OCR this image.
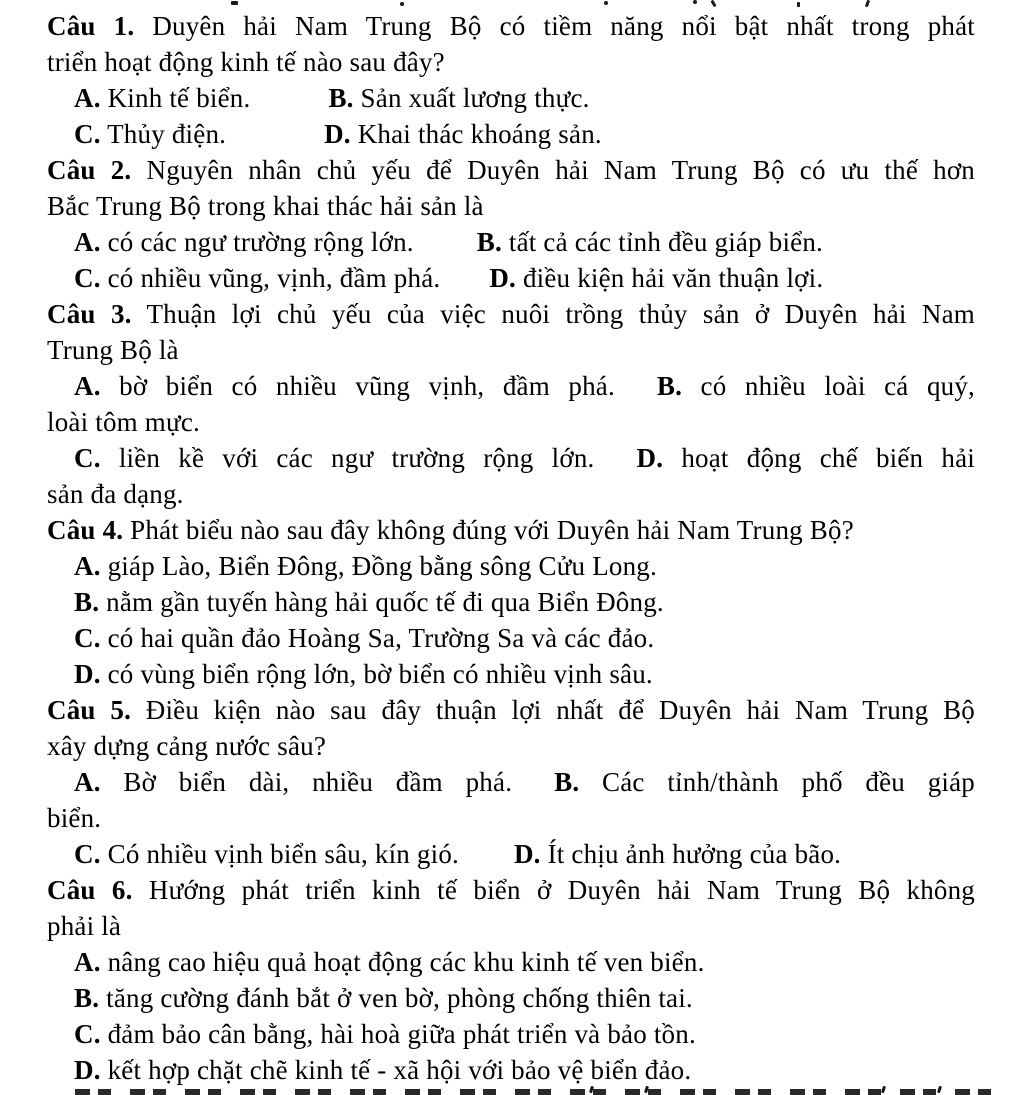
Câu 1. Duyên hải Nam Trung Bộ có tiềm năng nổi bật nhất trong phát
triển hoạt động kinh tế nào sau đây?
A. Kinh tế biển.	B. Sản xuất lương thực.
C. Thủy điện.	D. Khai thác khoáng sản.
Câu 2. Nguyên nhân chủ yếu để Duyên hải Nam Trung Bộ có ưu thế hơn
Bắc Trung Bộ trong khai thác hải sản là
A. có các ngư trường rộng lớn. B. tất cả các tỉnh đều giáp biển.
C. có nhiều vũng, vịnh, đầm phá. D. điều kiện hải văn thuận lợi.
Câu 3. Thuận lợi chủ yếu của việc nuôi trồng thủy sản ở Duyên hải Nam
Trung Bộ là
A. bờ biển có nhiều vũng vịnh, đầm phá. B. có nhiều loài cá quý,
loài tôm mực.
C. liền kề với các ngư trường rộng lớn. D. hoạt động chế biến hải
sản đa dạng.
Câu 4. Phát biểu nào sau đây không đúng với Duyên hải Nam Trung Bộ?
A. giáp Lào, Biển Đông, Đồng bằng sông Cửu Long.
B. nằm gần tuyến hàng hải quốc tế đi qua Biển Đông.
C. có hai quần đảo Hoàng Sa, Trường Sa và các đảo.
D. có vùng biển rộng lớn, bờ biển có nhiều vịnh sâu.
Câu 5. Điều kiện nào sau đây thuận lợi nhất để Duyên hải Nam Trung Bộ
xây dựng cảng nước sâu?
A. Bờ biển dài, nhiều đầm phá. B. Các tỉnh/thành phố đều giáp
biển.
C. Có nhiều vịnh biển sâu, kín gió. D. Ít chịu ảnh hưởng của bão.
Câu 6. Hướng phát triển kinh tế biển ở Duyên hải Nam Trung Bộ không
phải là
A. nâng cao hiệu quả hoạt động các khu kinh tế ven biển.
B. tăng cường đánh bắt ở ven bờ, phòng chống thiên tai.
C. đảm bảo cân bằng, hài hoà giữa phát triển và bảo tồn.
D. kết hợp chặt chẽ kinh tế - xã hội với bảo vệ biển đảo.
